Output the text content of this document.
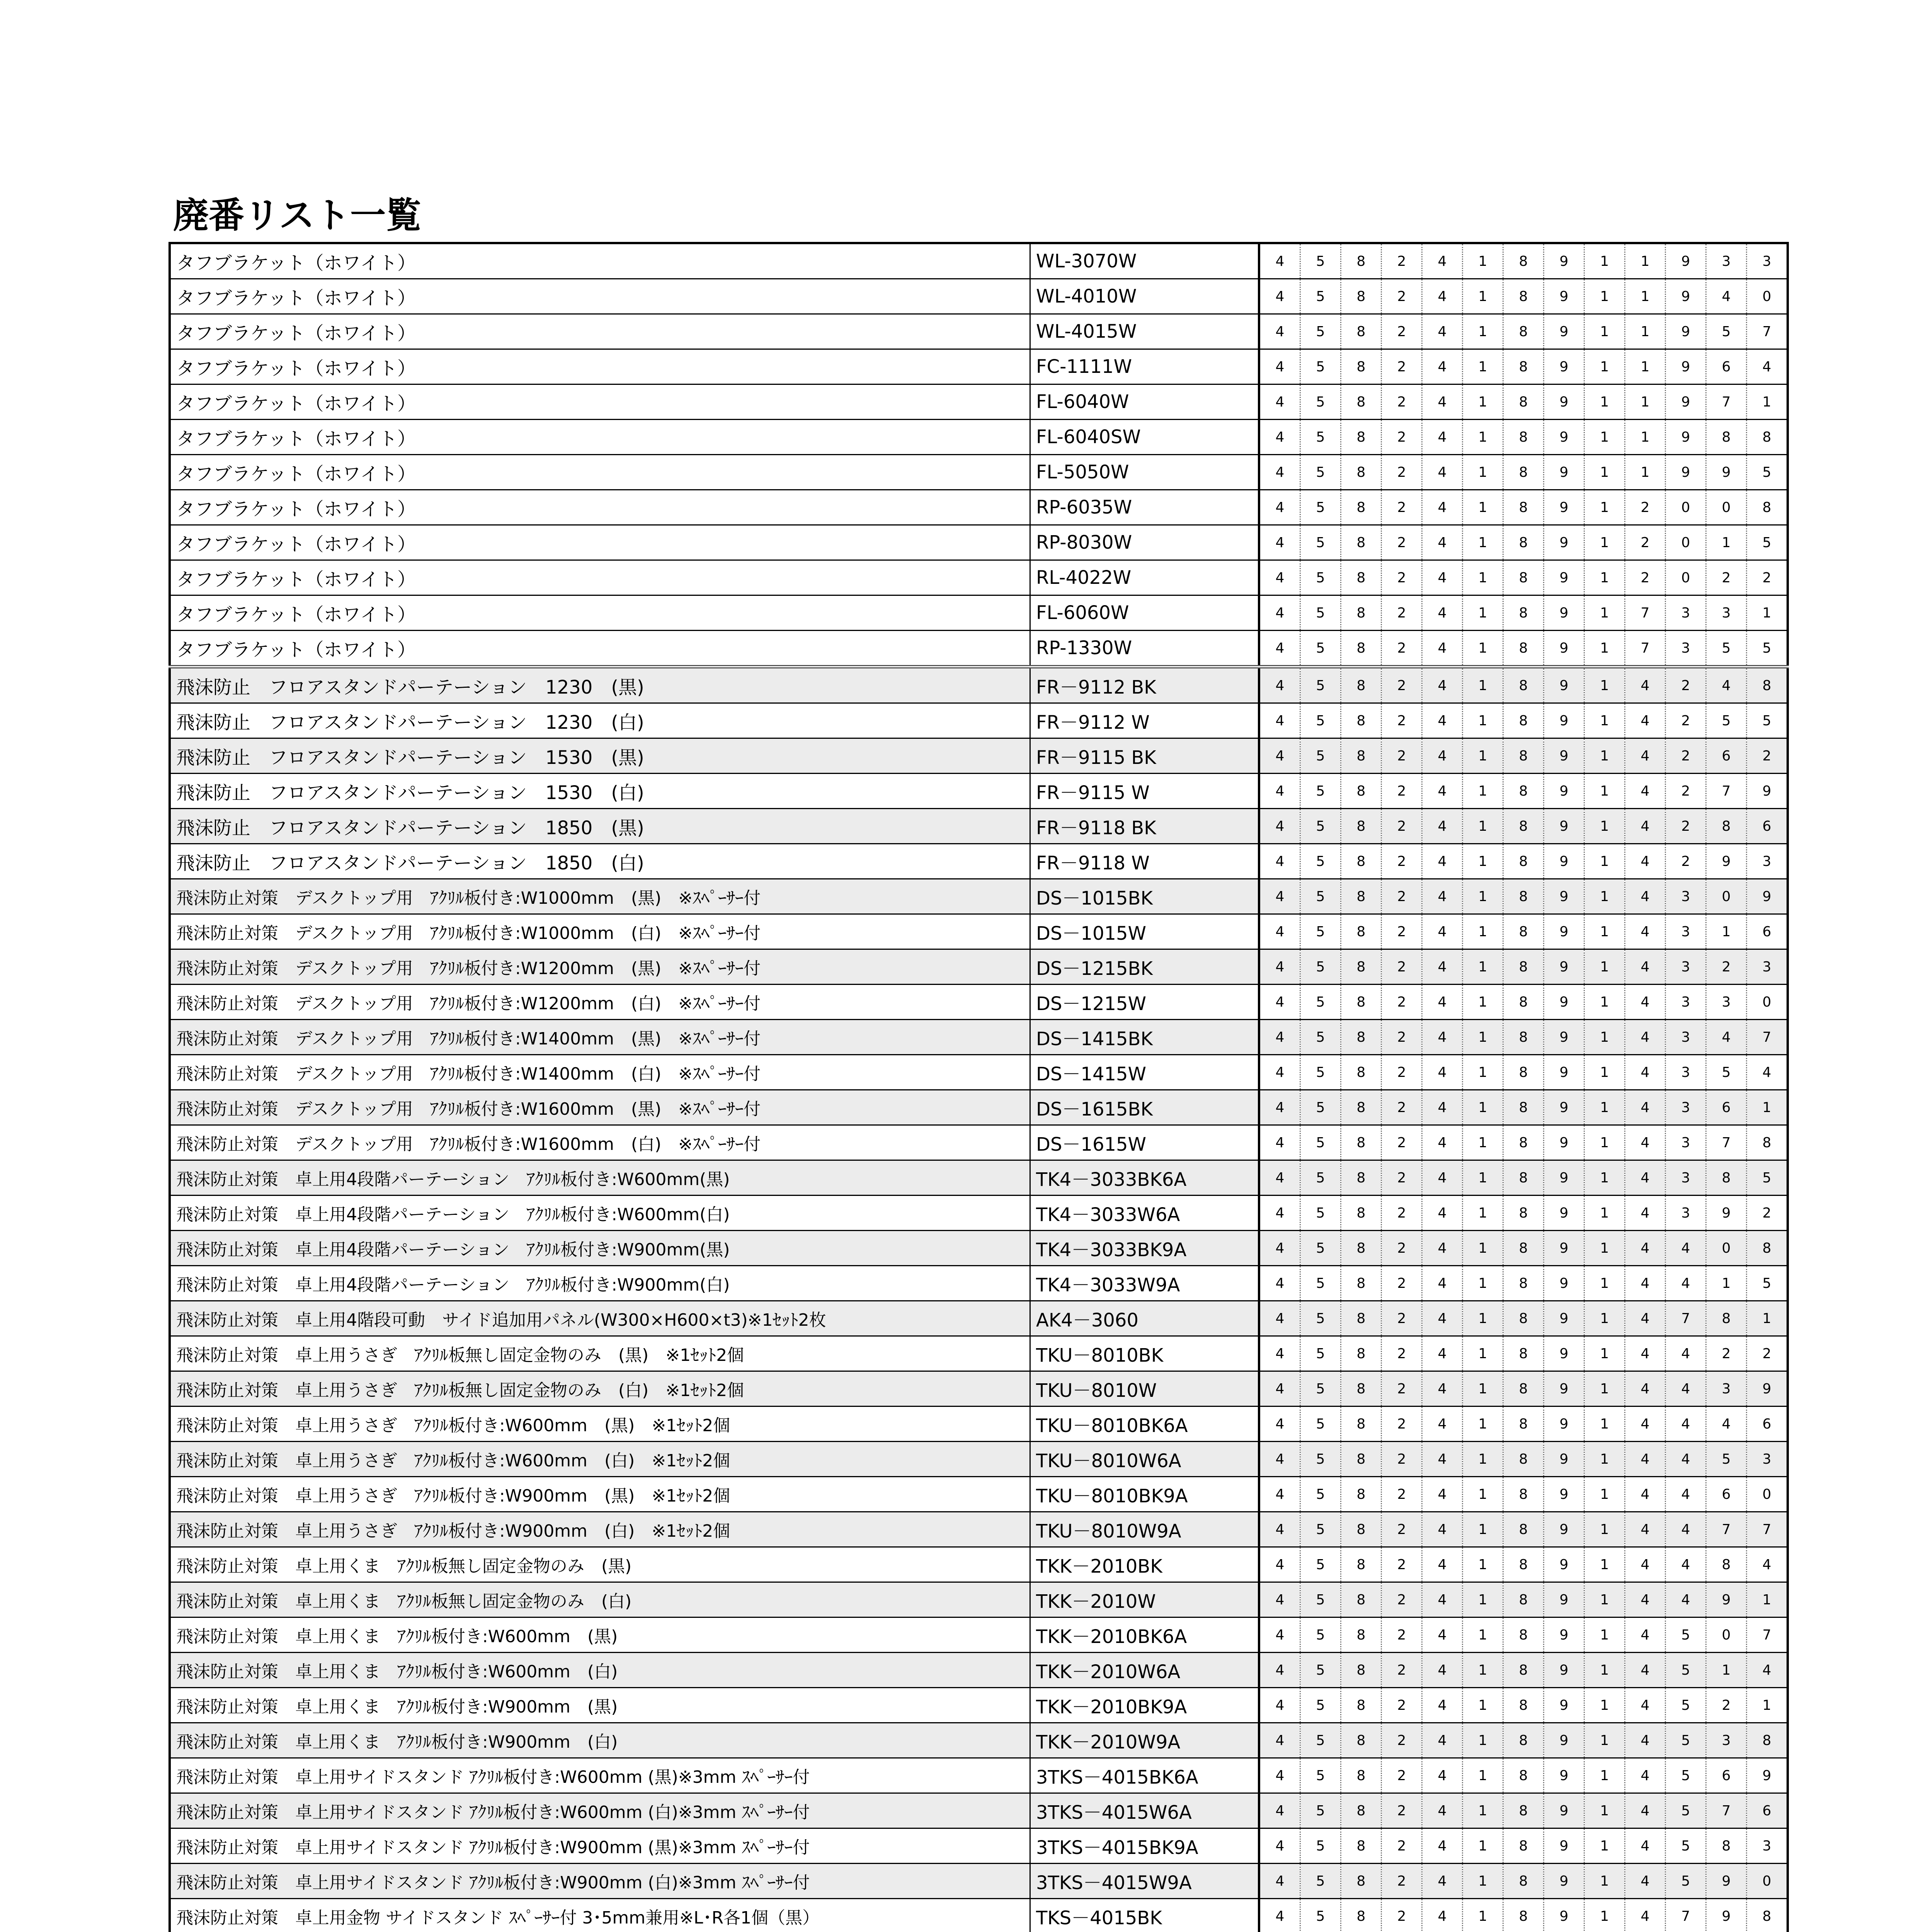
廃番リスト一覧
タフブラケット（ホワイト）	WL-3070W	4	5	8	2	4	1	8	9	1	1	9	3	3
タフブラケット（ホワイト）	WL-4010W	4	5	8	2	4	1	8	9	1	1	9	4	0
タフブラケット（ホワイト）	WL-4015W	4	5	8	2	4	1	8	9	1	1	9	5	7
タフブラケット（ホワイト）	FC-1111W	4	5	8	2	4	1	8	9	1	1	9	6	4
タフブラケット（ホワイト）	FL-6040W	4	5	8	2	4	1	8	9	1	1	9	7	1
タフブラケット（ホワイト）	FL-6040SW	4	5	8	2	4	1	8	9	1	1	9	8	8
タフブラケット（ホワイト）	FL-5050W	4	5	8	2	4	1	8	9	1	1	9	9	5
タフブラケット（ホワイト）	RP-6035W	4	5	8	2	4	1	8	9	1	2	0	0	8
タフブラケット（ホワイト）	RP-8030W	4	5	8	2	4	1	8	9	1	2	0	1	5
タフブラケット（ホワイト）	RL-4022W	4	5	8	2	4	1	8	9	1	2	0	2	2
タフブラケット（ホワイト）	FL-6060W	4	5	8	2	4	1	8	9	1	7	3	3	1
タフブラケット（ホワイト）	RP-1330W	4	5	8	2	4	1	8	9	1	7	3	5	5
飛沫防止　フロアスタンドパーテーション　1230　(黒)	FR－9112 BK	4	5	8	2	4	1	8	9	1	4	2	4	8
飛沫防止　フロアスタンドパーテーション　1230　(白)	FR－9112 W	4	5	8	2	4	1	8	9	1	4	2	5	5
飛沫防止　フロアスタンドパーテーション　1530　(黒)	FR－9115 BK	4	5	8	2	4	1	8	9	1	4	2	6	2
飛沫防止　フロアスタンドパーテーション　1530　(白)	FR－9115 W	4	5	8	2	4	1	8	9	1	4	2	7	9
飛沫防止　フロアスタンドパーテーション　1850　(黒)	FR－9118 BK	4	5	8	2	4	1	8	9	1	4	2	8	6
飛沫防止　フロアスタンドパーテーション　1850　(白)	FR－9118 W	4	5	8	2	4	1	8	9	1	4	2	9	3
飛沫防止対策　デスクトップ用　ｱｸﾘﾙ板付き:W1000mm　(黒)　※ｽﾍﾟｰｻｰ付	DS－1015BK	4	5	8	2	4	1	8	9	1	4	3	0	9
飛沫防止対策　デスクトップ用　ｱｸﾘﾙ板付き:W1000mm　(白)　※ｽﾍﾟｰｻｰ付	DS－1015W	4	5	8	2	4	1	8	9	1	4	3	1	6
飛沫防止対策　デスクトップ用　ｱｸﾘﾙ板付き:W1200mm　(黒)　※ｽﾍﾟｰｻｰ付	DS－1215BK	4	5	8	2	4	1	8	9	1	4	3	2	3
飛沫防止対策　デスクトップ用　ｱｸﾘﾙ板付き:W1200mm　(白)　※ｽﾍﾟｰｻｰ付	DS－1215W	4	5	8	2	4	1	8	9	1	4	3	3	0
飛沫防止対策　デスクトップ用　ｱｸﾘﾙ板付き:W1400mm　(黒)　※ｽﾍﾟｰｻｰ付	DS－1415BK	4	5	8	2	4	1	8	9	1	4	3	4	7
飛沫防止対策　デスクトップ用　ｱｸﾘﾙ板付き:W1400mm　(白)　※ｽﾍﾟｰｻｰ付	DS－1415W	4	5	8	2	4	1	8	9	1	4	3	5	4
飛沫防止対策　デスクトップ用　ｱｸﾘﾙ板付き:W1600mm　(黒)　※ｽﾍﾟｰｻｰ付	DS－1615BK	4	5	8	2	4	1	8	9	1	4	3	6	1
飛沫防止対策　デスクトップ用　ｱｸﾘﾙ板付き:W1600mm　(白)　※ｽﾍﾟｰｻｰ付	DS－1615W	4	5	8	2	4	1	8	9	1	4	3	7	8
飛沫防止対策　卓上用4段階パーテーション　ｱｸﾘﾙ板付き:W600mm(黒)	TK4－3033BK6A	4	5	8	2	4	1	8	9	1	4	3	8	5
飛沫防止対策　卓上用4段階パーテーション　ｱｸﾘﾙ板付き:W600mm(白)	TK4－3033W6A	4	5	8	2	4	1	8	9	1	4	3	9	2
飛沫防止対策　卓上用4段階パーテーション　ｱｸﾘﾙ板付き:W900mm(黒)	TK4－3033BK9A	4	5	8	2	4	1	8	9	1	4	4	0	8
飛沫防止対策　卓上用4段階パーテーション　ｱｸﾘﾙ板付き:W900mm(白)	TK4－3033W9A	4	5	8	2	4	1	8	9	1	4	4	1	5
飛沫防止対策　卓上用4階段可動　サイド追加用パネル(W300×H600×t3)※1ｾｯﾄ2枚	AK4－3060	4	5	8	2	4	1	8	9	1	4	7	8	1
飛沫防止対策　卓上用うさぎ　ｱｸﾘﾙ板無し固定金物のみ　(黒)　※1ｾｯﾄ2個	TKU－8010BK	4	5	8	2	4	1	8	9	1	4	4	2	2
飛沫防止対策　卓上用うさぎ　ｱｸﾘﾙ板無し固定金物のみ　(白)　※1ｾｯﾄ2個	TKU－8010W	4	5	8	2	4	1	8	9	1	4	4	3	9
飛沫防止対策　卓上用うさぎ　ｱｸﾘﾙ板付き:W600mm　(黒)　※1ｾｯﾄ2個	TKU－8010BK6A	4	5	8	2	4	1	8	9	1	4	4	4	6
飛沫防止対策　卓上用うさぎ　ｱｸﾘﾙ板付き:W600mm　(白)　※1ｾｯﾄ2個	TKU－8010W6A	4	5	8	2	4	1	8	9	1	4	4	5	3
飛沫防止対策　卓上用うさぎ　ｱｸﾘﾙ板付き:W900mm　(黒)　※1ｾｯﾄ2個	TKU－8010BK9A	4	5	8	2	4	1	8	9	1	4	4	6	0
飛沫防止対策　卓上用うさぎ　ｱｸﾘﾙ板付き:W900mm　(白)　※1ｾｯﾄ2個	TKU－8010W9A	4	5	8	2	4	1	8	9	1	4	4	7	7
飛沫防止対策　卓上用くま　ｱｸﾘﾙ板無し固定金物のみ　(黒)	TKK－2010BK	4	5	8	2	4	1	8	9	1	4	4	8	4
飛沫防止対策　卓上用くま　ｱｸﾘﾙ板無し固定金物のみ　(白)	TKK－2010W	4	5	8	2	4	1	8	9	1	4	4	9	1
飛沫防止対策　卓上用くま　ｱｸﾘﾙ板付き:W600mm　(黒)	TKK－2010BK6A	4	5	8	2	4	1	8	9	1	4	5	0	7
飛沫防止対策　卓上用くま　ｱｸﾘﾙ板付き:W600mm　(白)	TKK－2010W6A	4	5	8	2	4	1	8	9	1	4	5	1	4
飛沫防止対策　卓上用くま　ｱｸﾘﾙ板付き:W900mm　(黒)	TKK－2010BK9A	4	5	8	2	4	1	8	9	1	4	5	2	1
飛沫防止対策　卓上用くま　ｱｸﾘﾙ板付き:W900mm　(白)	TKK－2010W9A	4	5	8	2	4	1	8	9	1	4	5	3	8
飛沫防止対策　卓上用サイドスタンド ｱｸﾘﾙ板付き:W600mm (黒)※3mm ｽﾍﾟｰｻｰ付	3TKS－4015BK6A	4	5	8	2	4	1	8	9	1	4	5	6	9
飛沫防止対策　卓上用サイドスタンド ｱｸﾘﾙ板付き:W600mm (白)※3mm ｽﾍﾟｰｻｰ付	3TKS－4015W6A	4	5	8	2	4	1	8	9	1	4	5	7	6
飛沫防止対策　卓上用サイドスタンド ｱｸﾘﾙ板付き:W900mm (黒)※3mm ｽﾍﾟｰｻｰ付	3TKS－4015BK9A	4	5	8	2	4	1	8	9	1	4	5	8	3
飛沫防止対策　卓上用サイドスタンド ｱｸﾘﾙ板付き:W900mm (白)※3mm ｽﾍﾟｰｻｰ付	3TKS－4015W9A	4	5	8	2	4	1	8	9	1	4	5	9	0
飛沫防止対策　卓上用金物 サイドスタンド ｽﾍﾟｰｻｰ付 3･5mm兼用※L･R各1個（黒）	TKS－4015BK	4	5	8	2	4	1	8	9	1	4	7	9	8
